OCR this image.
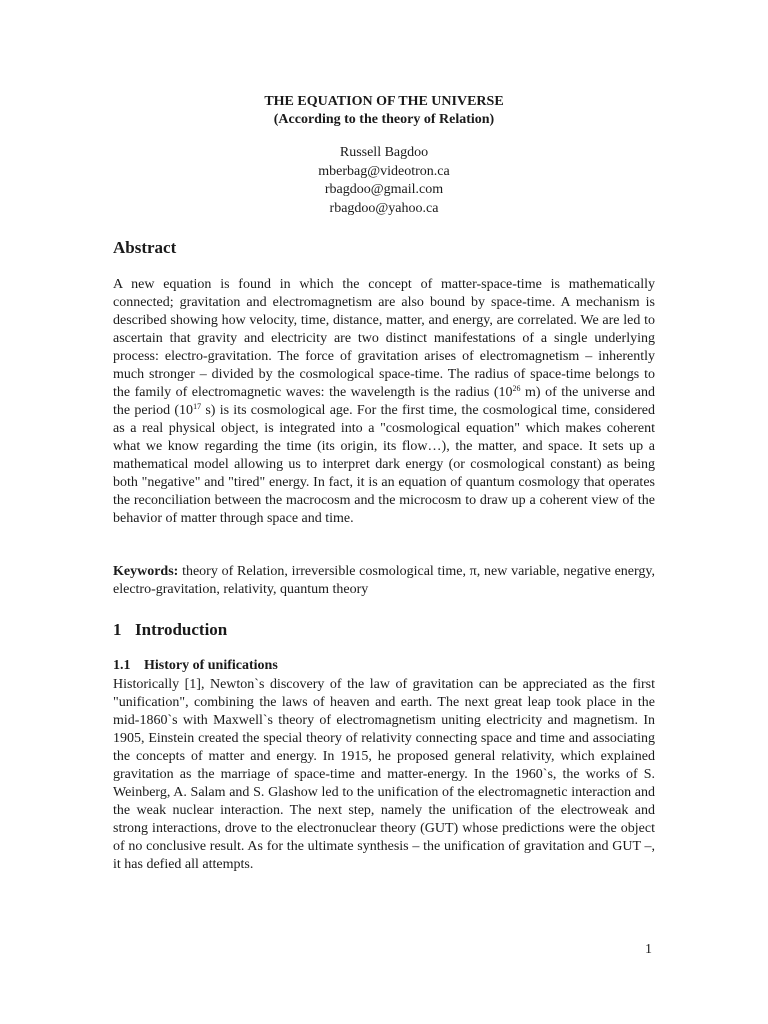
THE EQUATION OF THE UNIVERSE
(According to the theory of Relation)
Russell Bagdoo
mberbag@videotron.ca
rbagdoo@gmail.com
rbagdoo@yahoo.ca
Abstract

A new equation is found in which the concept of matter-space-time is mathematically connected; gravitation and electromagnetism are also bound by space-time. A mechanism is described showing how velocity, time, distance, matter, and energy, are correlated. We are led to ascertain that gravity and electricity are two distinct manifestations of a single underlying process: electro-gravitation. The force of gravitation arises of electromagnetism – inherently much stronger – divided by the cosmological space-time. The radius of space-time belongs to the family of electromagnetic waves: the wavelength is the radius ($10^{26}$ m) of the universe and the period ($10^{17}$ s) is its cosmological age. For the first time, the cosmological time, considered as a real physical object, is integrated into a "cosmological equation" which makes coherent what we know regarding the time (its origin, its flow…), the matter, and space. It sets up a mathematical model allowing us to interpret dark energy (or cosmological constant) as being both "negative" and "tired" energy. In fact, it is an equation of quantum cosmology that operates the reconciliation between the macrocosm and the microcosm to draw up a coherent view of the behavior of matter through space and time.

Keywords: theory of Relation, irreversible cosmological time, π, new variable, negative energy, electro-gravitation, relativity, quantum theory

1 Introduction
1.1 History of unifications

Historically [1], Newton`s discovery of the law of gravitation can be appreciated as the first "unification", combining the laws of heaven and earth. The next great leap took place in the mid-1860`s with Maxwell`s theory of electromagnetism uniting electricity and magnetism. In 1905, Einstein created the special theory of relativity connecting space and time and associating the concepts of matter and energy. In 1915, he proposed general relativity, which explained gravitation as the marriage of space-time and matter-energy. In the 1960`s, the works of S. Weinberg, A. Salam and S. Glashow led to the unification of the electromagnetic interaction and the weak nuclear interaction. The next step, namely the unification of the electroweak and strong interactions, drove to the electronuclear theory (GUT) whose predictions were the object of no conclusive result. As for the ultimate synthesis – the unification of gravitation and GUT –, it has defied all attempts.

1
